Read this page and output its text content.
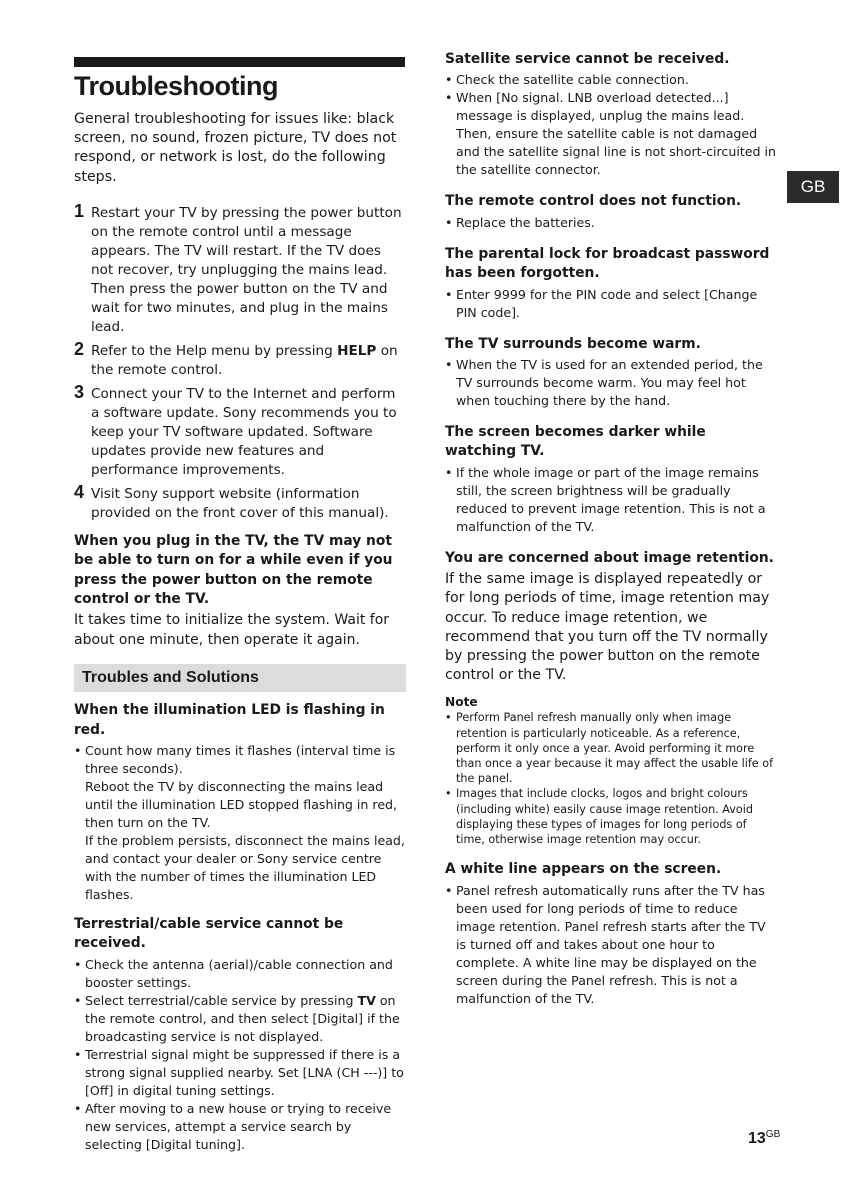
Troubleshooting

General troubleshooting for issues like: black screen, no sound, frozen picture, TV does not respond, or network is lost, do the following steps.

1 Restart your TV by pressing the power button on the remote control until a message appears. The TV will restart. If the TV does not recover, try unplugging the mains lead. Then press the power button on the TV and wait for two minutes, and plug in the mains lead.
2 Refer to the Help menu by pressing HELP on the remote control.
3 Connect your TV to the Internet and perform a software update. Sony recommends you to keep your TV software updated. Software updates provide new features and performance improvements.
4 Visit Sony support website (information provided on the front cover of this manual).
When you plug in the TV, the TV may not be able to turn on for a while even if you press the power button on the remote control or the TV.

It takes time to initialize the system. Wait for about one minute, then operate it again.

Troubles and Solutions
When the illumination LED is flashing in red.

• Count how many times it flashes (interval time is three seconds).

Reboot the TV by disconnecting the mains lead until the illumination LED stopped flashing in red, then turn on the TV.

If the problem persists, disconnect the mains lead, and contact your dealer or Sony service centre with the number of times the illumination LED flashes.

Terrestrial/cable service cannot be received.
• Check the antenna (aerial)/cable connection and booster settings.
• Select terrestrial/cable service by pressing TV on the remote control, and then select [Digital] if the broadcasting service is not displayed.
• Terrestrial signal might be suppressed if there is a strong signal supplied nearby. Set [LNA (CH ---)] to [Off] in digital tuning settings.
• After moving to a new house or trying to receive new services, attempt a service search by selecting [Digital tuning].
Satellite service cannot be received.
• Check the satellite cable connection.
• When [No signal. LNB overload detected...] message is displayed, unplug the mains lead. Then, ensure the satellite cable is not damaged and the satellite signal line is not short-circuited in the satellite connector.
The remote control does not function.
• Replace the batteries.
The parental lock for broadcast password has been forgotten.
• Enter 9999 for the PIN code and select [Change PIN code].
The TV surrounds become warm.
• When the TV is used for an extended period, the TV surrounds become warm. You may feel hot when touching there by the hand.
The screen becomes darker while watching TV.
• If the whole image or part of the image remains still, the screen brightness will be gradually reduced to prevent image retention. This is not a malfunction of the TV.
You are concerned about image retention.

If the same image is displayed repeatedly or for long periods of time, image retention may occur. To reduce image retention, we recommend that you turn off the TV normally by pressing the power button on the remote control or the TV.

Note
• Perform Panel refresh manually only when image retention is particularly noticeable. As a reference, perform it only once a year. Avoid performing it more than once a year because it may affect the usable life of the panel.
• Images that include clocks, logos and bright colours (including white) easily cause image retention. Avoid displaying these types of images for long periods of time, otherwise image retention may occur.
A white line appears on the screen.
• Panel refresh automatically runs after the TV has been used for long periods of time to reduce image retention. Panel refresh starts after the TV is turned off and takes about one hour to complete. A white line may be displayed on the screen during the Panel refresh. This is not a malfunction of the TV.
GB
$13^{GB}$
